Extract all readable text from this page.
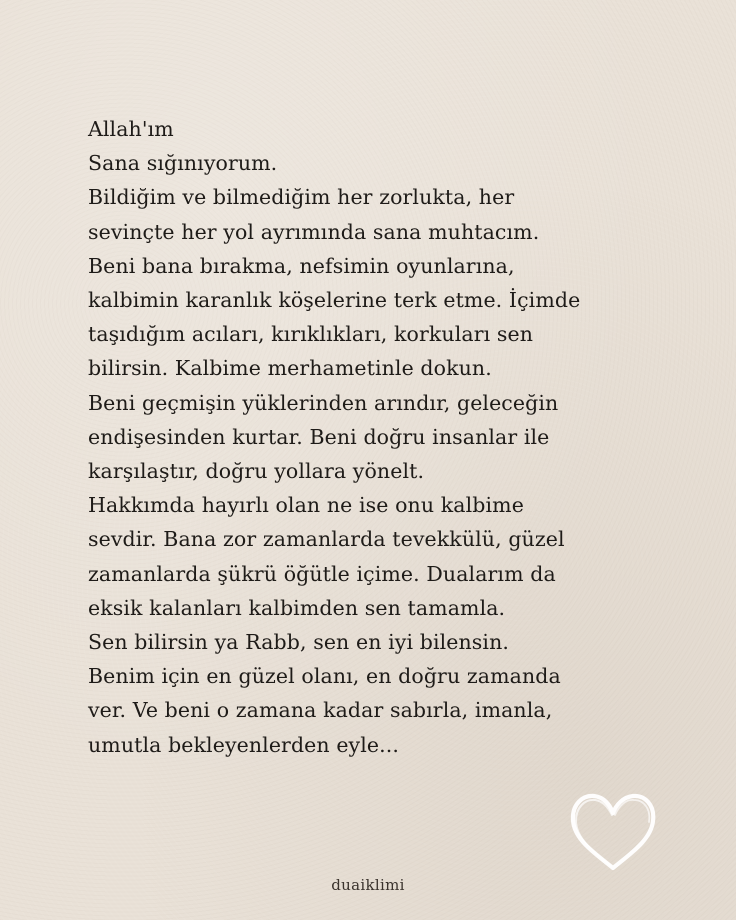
Allah'ım
Sana sığınıyorum.
Bildiğim ve bilmediğim her zorlukta, her
sevinçte her yol ayrımında sana muhtacım.
Beni bana bırakma, nefsimin oyunlarına,
kalbimin karanlık köşelerine terk etme. İçimde
taşıdığım acıları, kırıklıkları, korkuları sen
bilirsin. Kalbime merhametinle dokun.
Beni geçmişin yüklerinden arındır, geleceğin
endişesinden kurtar. Beni doğru insanlar ile
karşılaştır, doğru yollara yönelt.
Hakkımda hayırlı olan ne ise onu kalbime
sevdir. Bana zor zamanlarda tevekkülü, güzel
zamanlarda şükrü öğütle içime. Dualarım da
eksik kalanları kalbimden sen tamamla.
Sen bilirsin ya Rabb, sen en iyi bilensin.
Benim için en güzel olanı, en doğru zamanda
ver. Ve beni o zamana kadar sabırla, imanla,
umutla bekleyenlerden eyle...
duaiklimi
